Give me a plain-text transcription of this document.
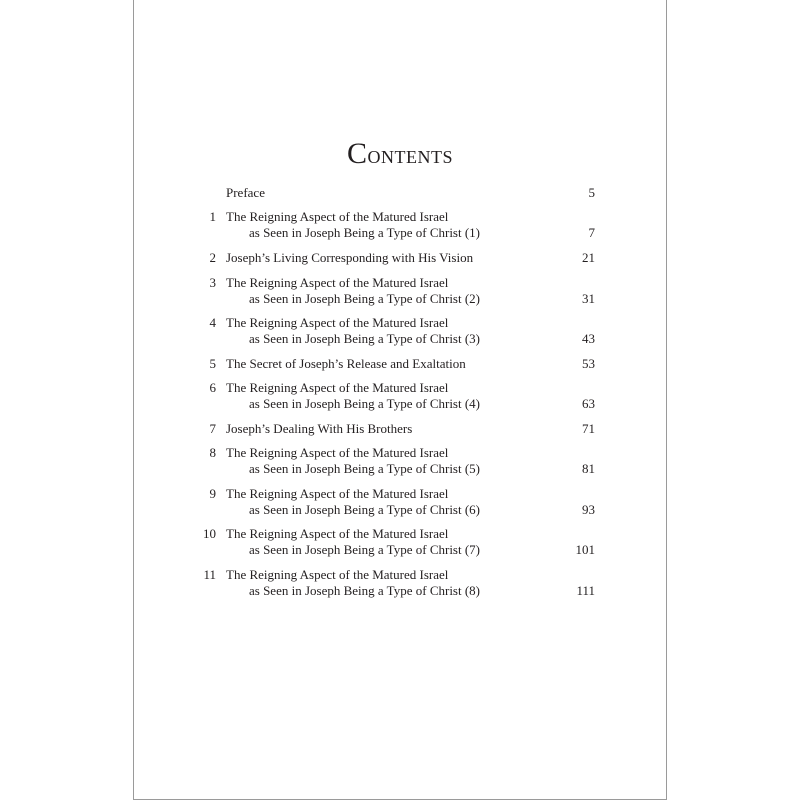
Contents
Preface	5
1 The Reigning Aspect of the Matured Israel
as Seen in Joseph Being a Type of Christ (1)	7
2 Joseph’s Living Corresponding with His Vision	21
3 The Reigning Aspect of the Matured Israel
as Seen in Joseph Being a Type of Christ (2)	31
4 The Reigning Aspect of the Matured Israel
as Seen in Joseph Being a Type of Christ (3)	43
5 The Secret of Joseph’s Release and Exaltation	53
6 The Reigning Aspect of the Matured Israel
as Seen in Joseph Being a Type of Christ (4)	63
7 Joseph’s Dealing With His Brothers	71
8 The Reigning Aspect of the Matured Israel
as Seen in Joseph Being a Type of Christ (5)	81
9 The Reigning Aspect of the Matured Israel
as Seen in Joseph Being a Type of Christ (6)	93
10 The Reigning Aspect of the Matured Israel
as Seen in Joseph Being a Type of Christ (7)	101
11 The Reigning Aspect of the Matured Israel
as Seen in Joseph Being a Type of Christ (8)	111
